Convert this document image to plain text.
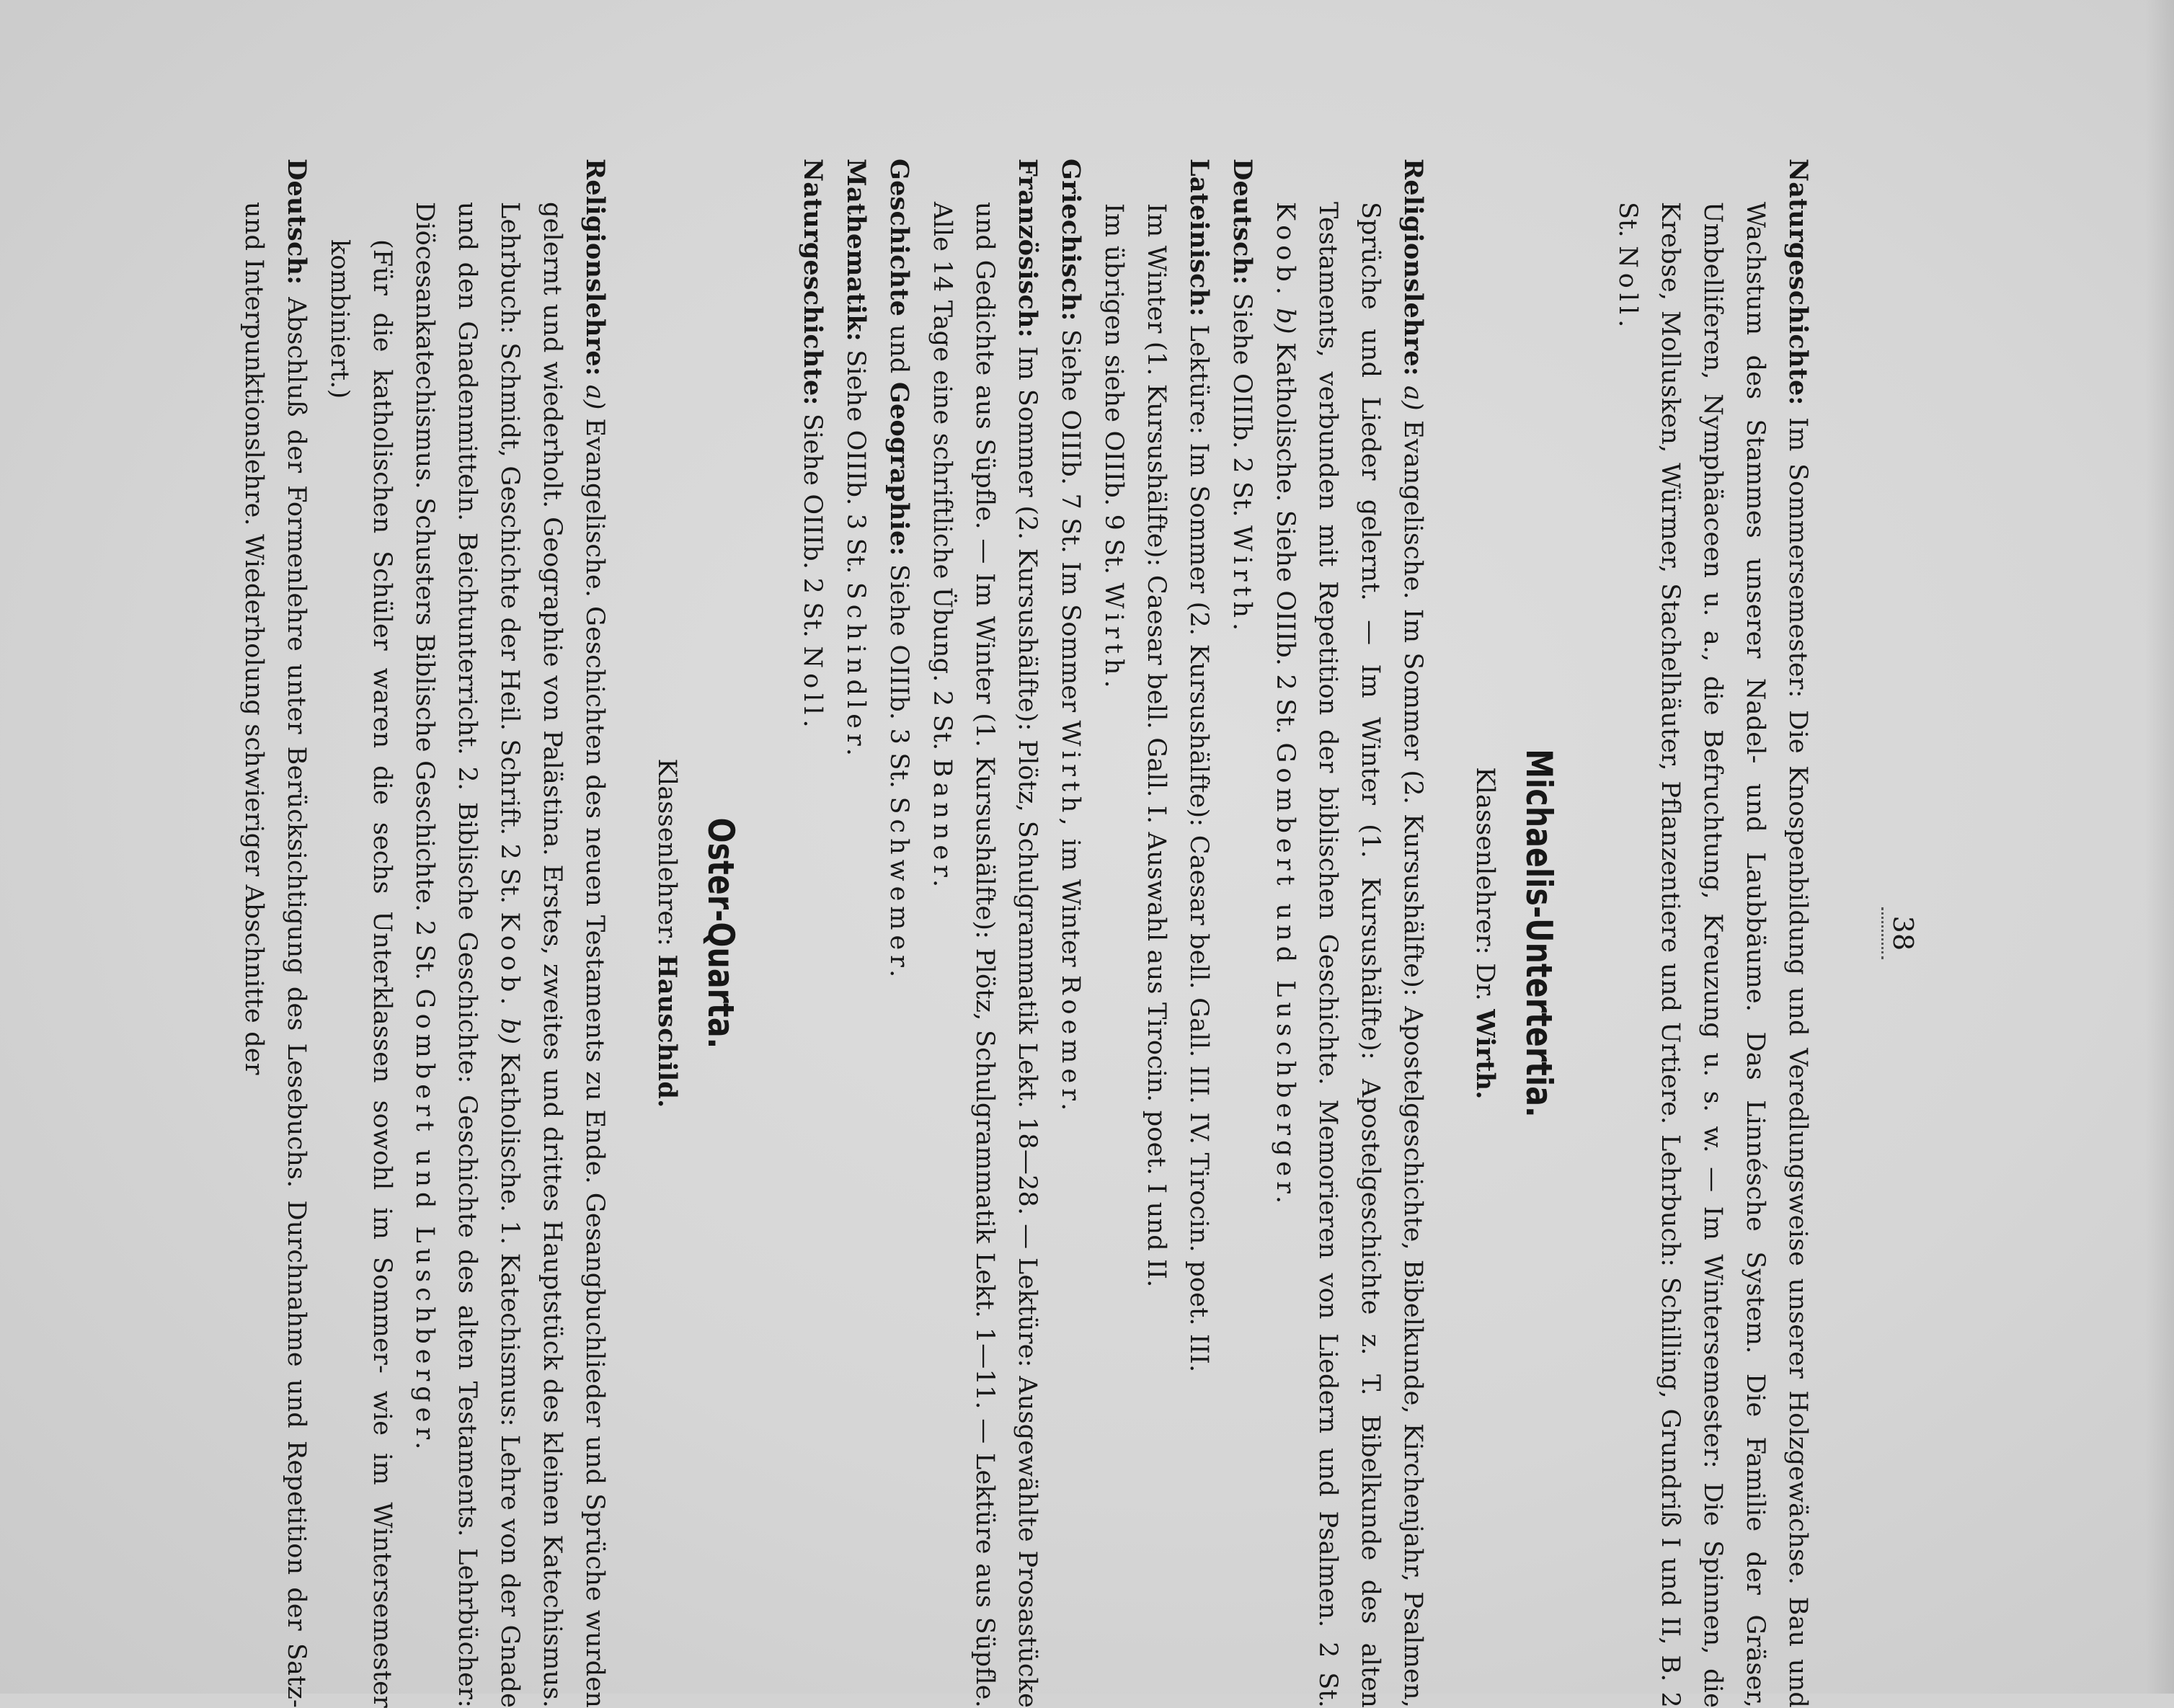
38

Naturgeschichte: Im Sommersemester: Die Knospenbildung und Veredlungsweise unserer Holzgewächse. Bau und Wachstum des Stammes unserer Nadel- und Laubbäume. Das Linnésche System. Die Familie der Gräser, Umbelliferen, Nymphäaceen u. a., die Befruchtung, Kreuzung u. s. w. — Im Wintersemester: Die Spinnen, die Krebse, Mollusken, Würmer, Stachelhäuter, Pflanzentiere und Urtiere. Lehrbuch: Schilling, Grundriß I und II, B. 2 St. Noll.

Michaelis-Untertertia.
Klassenlehrer: Dr. Wirth.

Religionslehre: a) Evangelische. Im Sommer (2. Kursushälfte): Apostelgeschichte, Bibelkunde, Kirchenjahr, Psalmen, Sprüche und Lieder gelernt. — Im Winter (1. Kursushälfte): Apostelgeschichte z. T. Bibelkunde des alten Testaments, verbunden mit Repetition der biblischen Geschichte. Memorieren von Liedern und Psalmen. 2 St. Koob. b) Katholische. Siehe OIIIb. 2 St. Gombert und Luschberger.

Deutsch: Siehe OIIIb. 2 St. Wirth.

Lateinisch: Lektüre: Im Sommer (2. Kursushälfte): Caesar bell. Gall. III. IV. Tirocin. poet. III.

Im Winter (1. Kursushälfte): Caesar bell. Gall. I. Auswahl aus Tirocin. poet. I und II.

Im übrigen siehe OIIIb. 9 St. Wirth.

Griechisch: Siehe OIIIb. 7 St. Im Sommer Wirth, im Winter Roemer.

Französisch: Im Sommer (2. Kursushälfte): Plötz, Schulgrammatik Lekt. 18—28. — Lektüre: Ausgewählte Prosastücke und Gedichte aus Süpfle. — Im Winter (1. Kursushälfte): Plötz, Schulgrammatik Lekt. 1—11. — Lektüre aus Süpfle. Alle 14 Tage eine schriftliche Übung. 2 St. Banner.

Geschichte und Geographie: Siehe OIIIb. 3 St. Schwemer.

Mathematik: Siehe OIIIb. 3 St. Schindler.

Naturgeschichte: Siehe OIIIb. 2 St. Noll.

Oster-Quarta.
Klassenlehrer: Hauschild.

Religionslehre: a) Evangelische. Geschichten des neuen Testaments zu Ende. Gesangbuchlieder und Sprüche wurden gelernt und wiederholt. Geographie von Palästina. Erstes, zweites und drittes Hauptstück des kleinen Katechismus. Lehrbuch: Schmidt, Geschichte der Heil. Schrift. 2 St. Koob. b) Katholische. 1. Katechismus: Lehre von der Gnade und den Gnadenmitteln. Beichtunterricht. 2. Biblische Geschichte: Geschichte des alten Testaments. Lehrbücher: Diöcesankatechismus. Schusters Biblische Geschichte. 2 St. Gombert und Luschberger.

(Für die katholischen Schüler waren die sechs Unterklassen sowohl im Sommer- wie im Wintersemester kombiniert.)

Deutsch: Abschluß der Formenlehre unter Berücksichtigung des Lesebuchs. Durchnahme und Repetition der Satz- und Interpunktionslehre. Wiederholung schwieriger Abschnitte der
